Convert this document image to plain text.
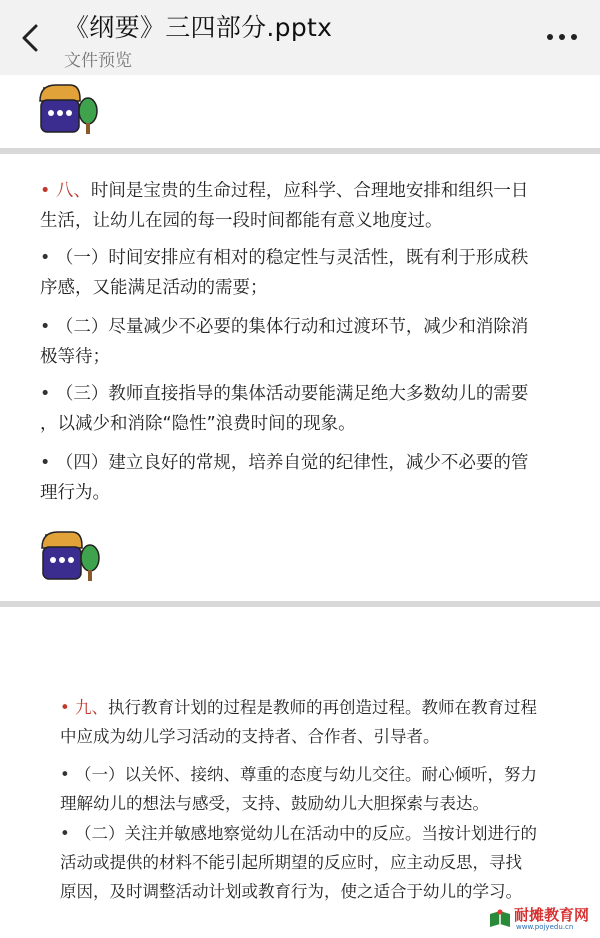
《纲要》三四部分.pptx
文件预览
• 八、时间是宝贵的生命过程，应科学、合理地安排和组织一日
生活，让幼儿在园的每一段时间都能有意义地度过。
• （一）时间安排应有相对的稳定性与灵活性，既有利于形成秩
序感，又能满足活动的需要；
• （二）尽量减少不必要的集体行动和过渡环节，减少和消除消
极等待；
• （三）教师直接指导的集体活动要能满足绝大多数幼儿的需要
，以减少和消除“隐性”浪费时间的现象。
• （四）建立良好的常规，培养自觉的纪律性，减少不必要的管
理行为。
• 九、执行教育计划的过程是教师的再创造过程。教师在教育过程
中应成为幼儿学习活动的支持者、合作者、引导者。
• （一）以关怀、接纳、尊重的态度与幼儿交往。耐心倾听，努力
理解幼儿的想法与感受，支持、鼓励幼儿大胆探索与表达。
• （二）关注并敏感地察觉幼儿在活动中的反应。当按计划进行的
活动或提供的材料不能引起所期望的反应时，应主动反思，寻找
原因，及时调整活动计划或教育行为，使之适合于幼儿的学习。
耐摊教育网
www.pojyedu.cn
